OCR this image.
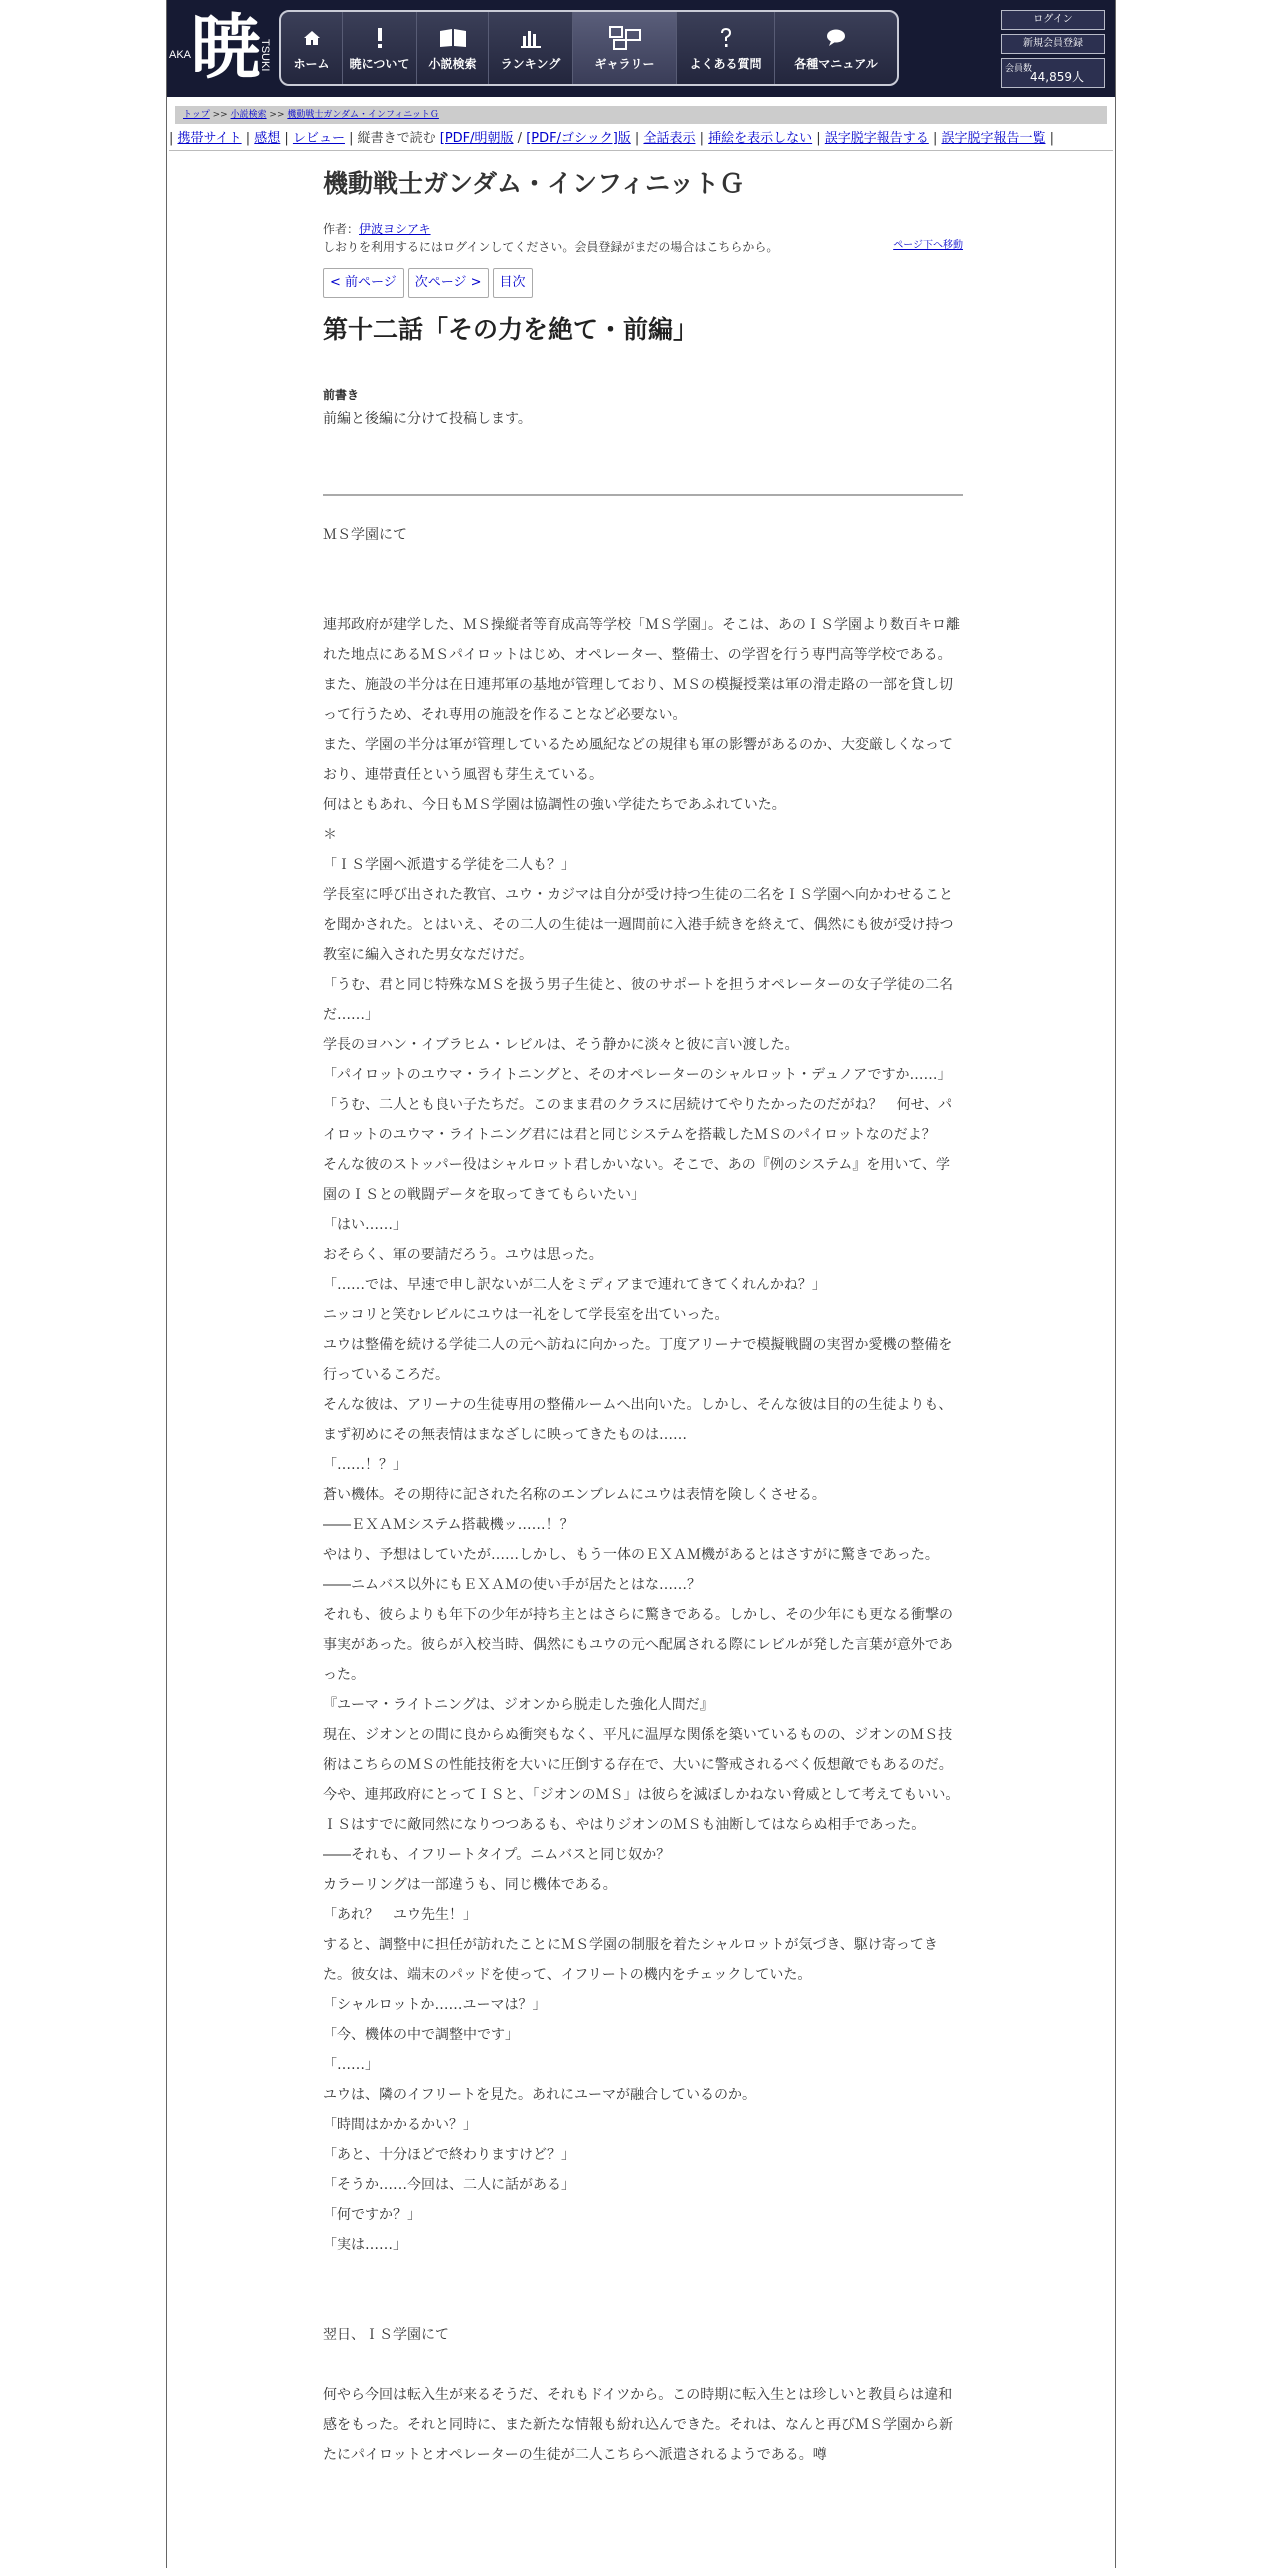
暁
AKA	TSUKI ホーム 暁について 小説検索 ランキング	ギャラリー	よくある質問	各種マニュアル
ログイン
新規会員登録
会員数
44,859人
トップ >> 小説検索 >> 機動戦士ガンダム・インフィニットＧ
| 携帯サイト | 感想 | レビュー | 縦書きで読む [PDF/明朝版 / [PDF/ゴシック]版 | 全話表示 | 挿絵を表示しない | 誤字脱字報告する | 誤字脱字報告一覧 |
機動戦士ガンダム・インフィニットＧ
作者：伊波ヨシアキ
しおりを利用するにはログインしてください。会員登録がまだの場合はこちらから。	ページ下へ移動
< 前ページ	次ページ >	目次
第十二話「その力を絶て・前編」
前書き
前編と後編に分けて投稿します。

ＭＳ学園にて

連邦政府が建学した、ＭＳ操縦者等育成高等学校「ＭＳ学園」。そこは、あのＩＳ学園より数百キロ離れた地点にあるＭＳパイロットはじめ、オペレーター、整備士、の学習を行う専門高等学校である。

また、施設の半分は在日連邦軍の基地が管理しており、ＭＳの模擬授業は軍の滑走路の一部を貸し切って行うため、それ専用の施設を作ることなど必要ない。

また、学園の半分は軍が管理しているため風紀などの規律も軍の影響があるのか、大変厳しくなっており、連帯責任という風習も芽生えている。

何はともあれ、今日もＭＳ学園は協調性の強い学徒たちであふれていた。

＊

「ＩＳ学園へ派遣する学徒を二人も？」

学長室に呼び出された教官、ユウ・カジマは自分が受け持つ生徒の二名をＩＳ学園へ向かわせることを聞かされた。とはいえ、その二人の生徒は一週間前に入港手続きを終えて、偶然にも彼が受け持つ教室に編入された男女なだけだ。

「うむ、君と同じ特殊なＭＳを扱う男子生徒と、彼のサポートを担うオペレーターの女子学徒の二名だ……」

学長のヨハン・イブラヒム・レビルは、そう静かに淡々と彼に言い渡した。

「パイロットのユウマ・ライトニングと、そのオペレーターのシャルロット・デュノアですか……」

「うむ、二人とも良い子たちだ。このまま君のクラスに居続けてやりたかったのだがね？　何せ、パイロットのユウマ・ライトニング君には君と同じシステムを搭載したＭＳのパイロットなのだよ？　そんな彼のストッパー役はシャルロット君しかいない。そこで、あの『例のシステム』を用いて、学園のＩＳとの戦闘データを取ってきてもらいたい」

「はい……」

おそらく、軍の要請だろう。ユウは思った。

「……では、早速で申し訳ないが二人をミディアまで連れてきてくれんかね？」

ニッコリと笑むレビルにユウは一礼をして学長室を出ていった。

ユウは整備を続ける学徒二人の元へ訪ねに向かった。丁度アリーナで模擬戦闘の実習か愛機の整備を行っているころだ。

そんな彼は、アリーナの生徒専用の整備ルームへ出向いた。しかし、そんな彼は目的の生徒よりも、まず初めにその無表情はまなざしに映ってきたものは……

「……！？」

蒼い機体。その期待に記された名称のエンブレムにユウは表情を険しくさせる。

――ＥＸＡＭシステム搭載機ッ……！？

やはり、予想はしていたが……しかし、もう一体のＥＸＡＭ機があるとはさすがに驚きであった。

――ニムバス以外にもＥＸＡＭの使い手が居たとはな……？

それも、彼らよりも年下の少年が持ち主とはさらに驚きである。しかし、その少年にも更なる衝撃の事実があった。彼らが入校当時、偶然にもユウの元へ配属される際にレビルが発した言葉が意外であった。

『ユーマ・ライトニングは、ジオンから脱走した強化人間だ』

現在、ジオンとの間に良からぬ衝突もなく、平凡に温厚な関係を築いているものの、ジオンのＭＳ技術はこちらのＭＳの性能技術を大いに圧倒する存在で、大いに警戒されるべく仮想敵でもあるのだ。今や、連邦政府にとってＩＳと、「ジオンのＭＳ」は彼らを滅ぼしかねない脅威として考えてもいい。ＩＳはすでに敵同然になりつつあるも、やはりジオンのＭＳも油断してはならぬ相手であった。

――それも、イフリートタイプ。ニムバスと同じ奴か？

カラーリングは一部違うも、同じ機体である。

「あれ？　ユウ先生！」

すると、調整中に担任が訪れたことにＭＳ学園の制服を着たシャルロットが気づき、駆け寄ってきた。彼女は、端末のパッドを使って、イフリートの機内をチェックしていた。

「シャルロットか……ユーマは？」

「今、機体の中で調整中です」

「……」

ユウは、隣のイフリートを見た。あれにユーマが融合しているのか。

「時間はかかるかい？」

「あと、十分ほどで終わりますけど？」

「そうか……今回は、二人に話がある」

「何ですか？」

「実は……」

翌日、ＩＳ学園にて

何やら今回は転入生が来るそうだ、それもドイツから。この時期に転入生とは珍しいと教員らは違和感をもった。それと同時に、また新たな情報も紛れ込んできた。それは、なんと再びＭＳ学園から新たにパイロットとオペレーターの生徒が二人こちらへ派遣されるようである。噂
